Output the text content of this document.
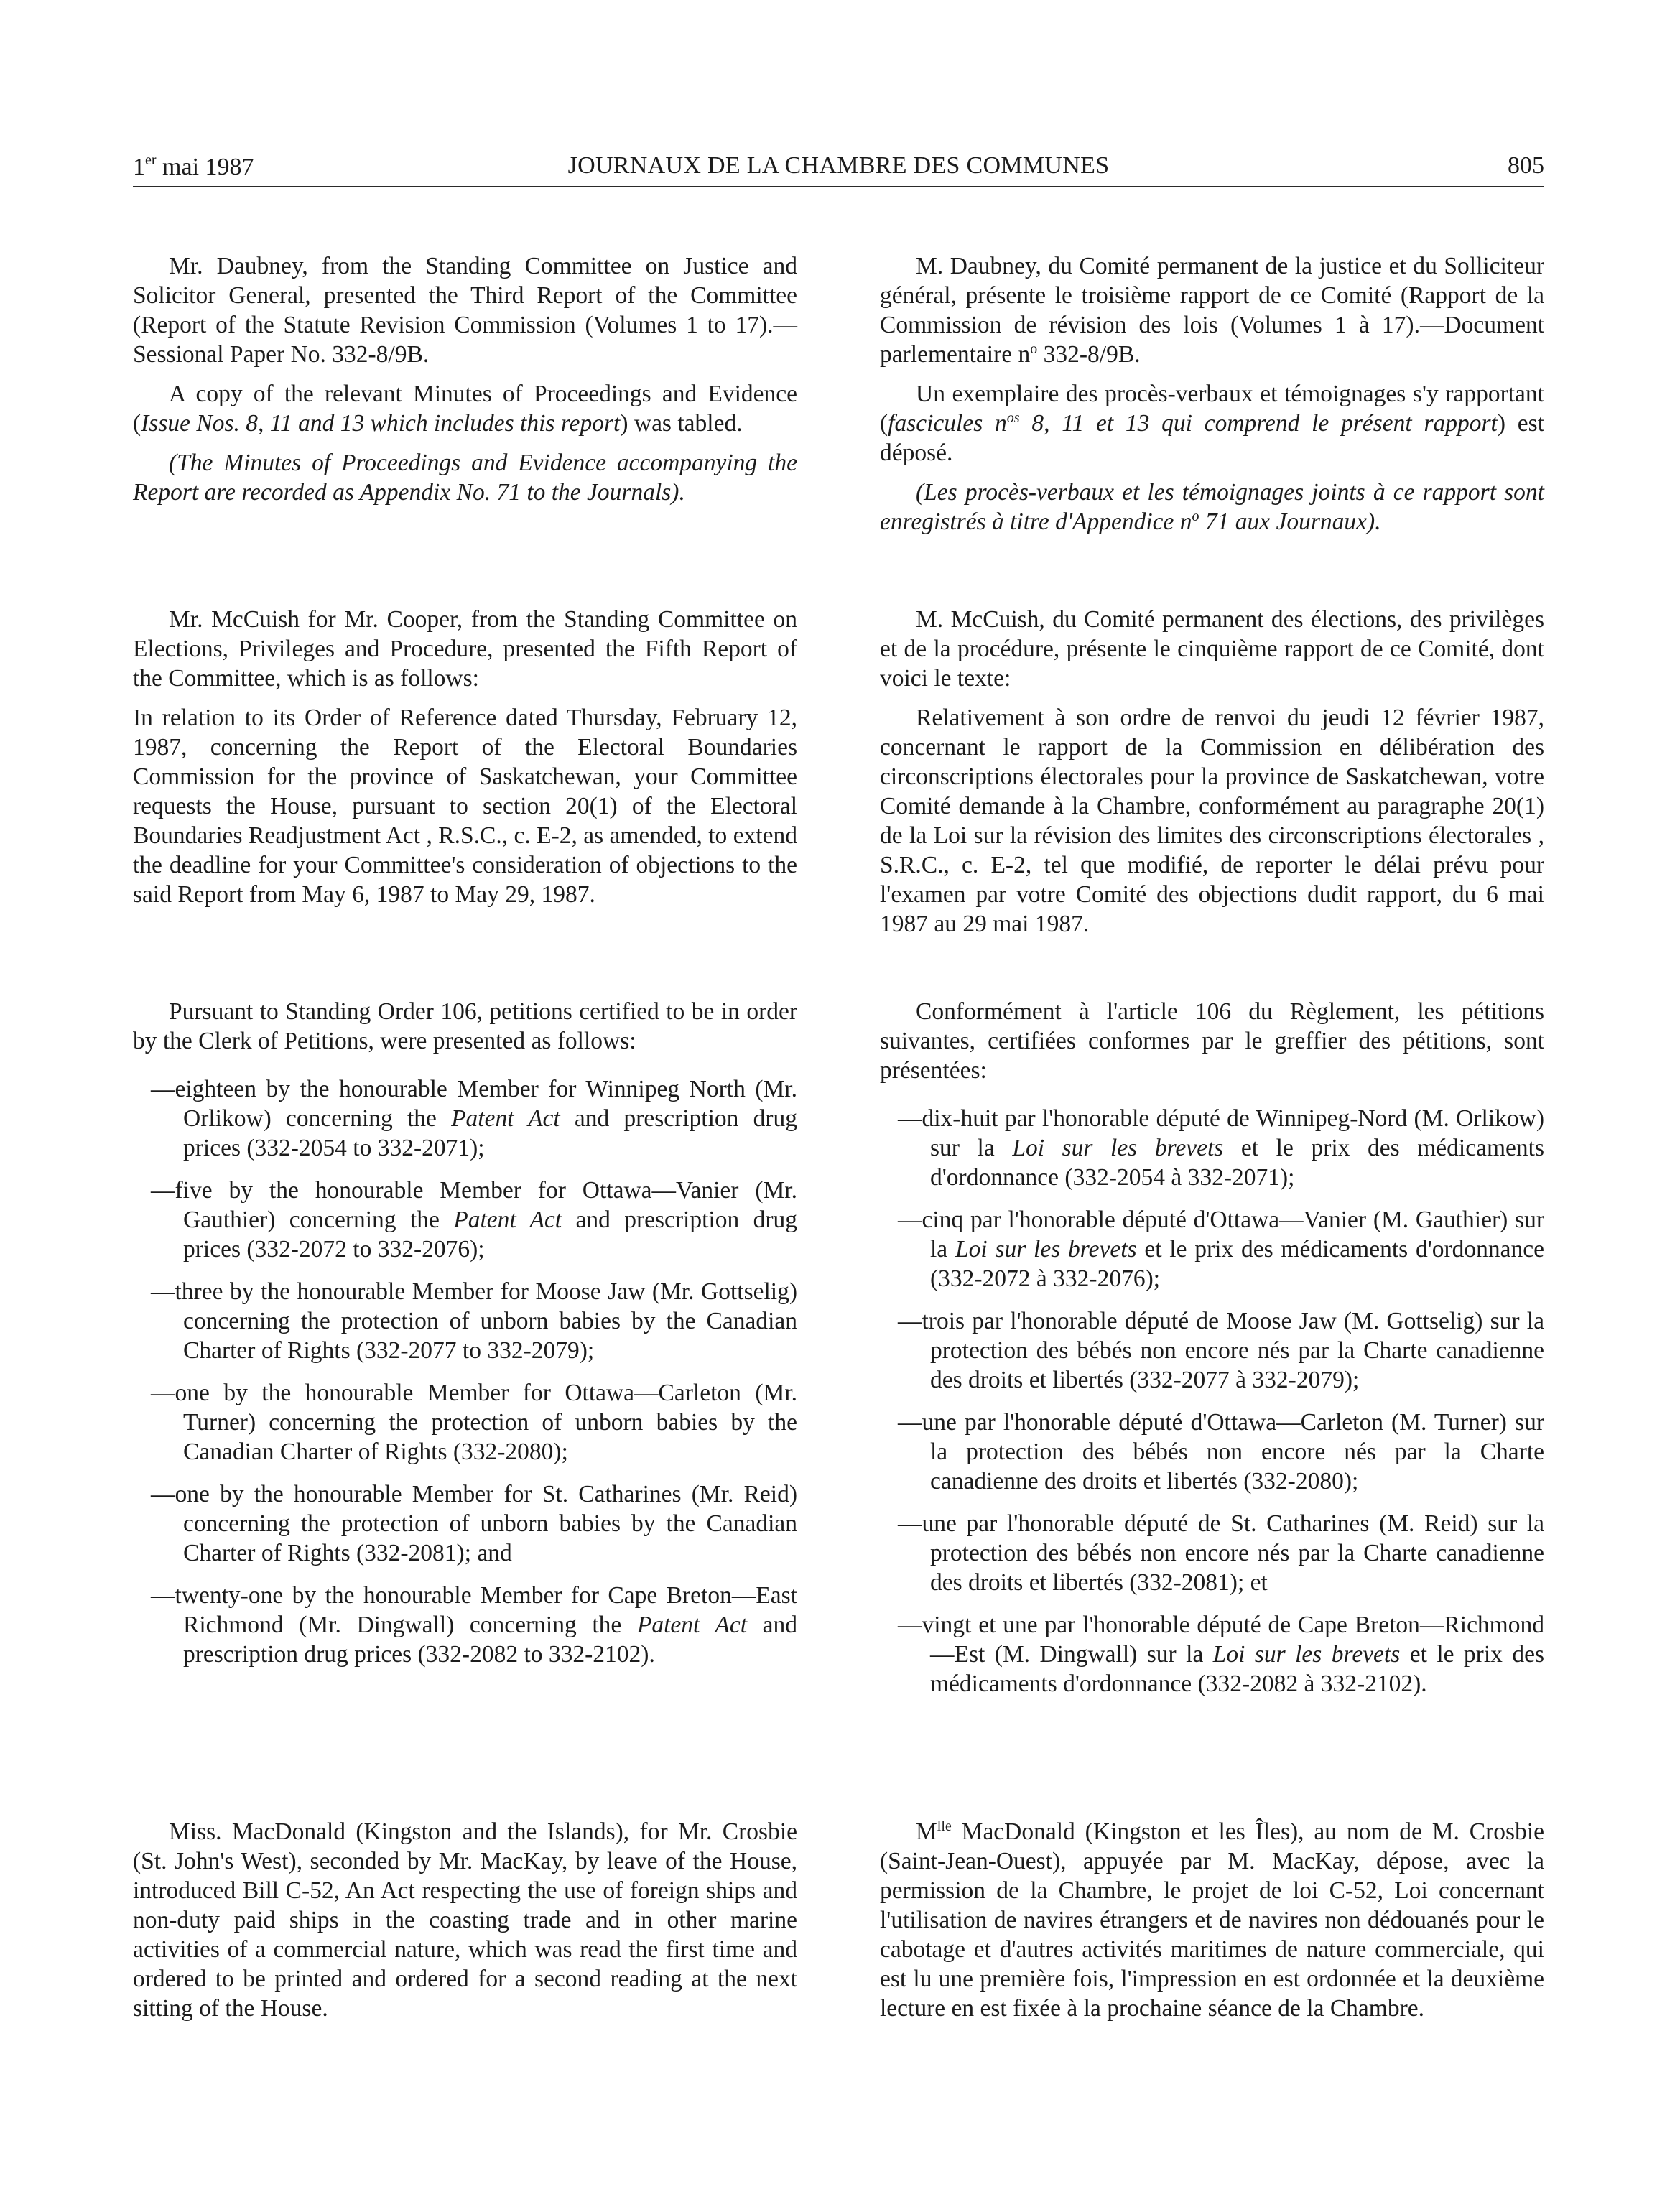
1er mai 1987	JOURNAUX DE LA CHAMBRE DES COMMUNES	805

Mr. Daubney, from the Standing Committee on Justice and Solicitor General, presented the Third Report of the Committee (Report of the Statute Revision Commission (Volumes 1 to 17).—Sessional Paper No. 332-8/9B.

A copy of the relevant Minutes of Proceedings and Evidence (Issue Nos. 8, 11 and 13 which includes this report) was tabled.

(The Minutes of Proceedings and Evidence accompanying the Report are recorded as Appendix No. 71 to the Journals).

Mr. McCuish for Mr. Cooper, from the Standing Committee on Elections, Privileges and Procedure, presented the Fifth Report of the Committee, which is as follows:

In relation to its Order of Reference dated Thursday, February 12, 1987, concerning the Report of the Electoral Boundaries Commission for the province of Saskatchewan, your Committee requests the House, pursuant to section 20(1) of the Electoral Boundaries Readjustment Act , R.S.C., c. E-2, as amended, to extend the deadline for your Committee's consideration of objections to the said Report from May 6, 1987 to May 29, 1987.

Pursuant to Standing Order 106, petitions certified to be in order by the Clerk of Petitions, were presented as follows:

—eighteen by the honourable Member for Winnipeg North (Mr. Orlikow) concerning the Patent Act and prescription drug prices (332-2054 to 332-2071);

—five by the honourable Member for Ottawa—Vanier (Mr. Gauthier) concerning the Patent Act and prescription drug prices (332-2072 to 332-2076);

—three by the honourable Member for Moose Jaw (Mr. Gottselig) concerning the protection of unborn babies by the Canadian Charter of Rights (332-2077 to 332-2079);

—one by the honourable Member for Ottawa—Carleton (Mr. Turner) concerning the protection of unborn babies by the Canadian Charter of Rights (332-2080);

—one by the honourable Member for St. Catharines (Mr. Reid) concerning the protection of unborn babies by the Canadian Charter of Rights (332-2081); and

—twenty-one by the honourable Member for Cape Breton—East Richmond (Mr. Dingwall) concerning the Patent Act and prescription drug prices (332-2082 to 332-2102).

Miss. MacDonald (Kingston and the Islands), for Mr. Crosbie (St. John's West), seconded by Mr. MacKay, by leave of the House, introduced Bill C-52, An Act respecting the use of foreign ships and non-duty paid ships in the coasting trade and in other marine activities of a commercial nature, which was read the first time and ordered to be printed and ordered for a second reading at the next sitting of the House.

M. Daubney, du Comité permanent de la justice et du Solliciteur général, présente le troisième rapport de ce Comité (Rapport de la Commission de révision des lois (Volumes 1 à 17).—Document parlementaire $n^o$ 332-8/9B.

Un exemplaire des procès-verbaux et témoignages s'y rapportant (fascicules $n^{os}$ 8, 11 et 13 qui comprend le présent rapport) est déposé.

(Les procès-verbaux et les témoignages joints à ce rapport sont enregistrés à titre d'Appendice $n^o$ 71 aux Journaux).

M. McCuish, du Comité permanent des élections, des privilèges et de la procédure, présente le cinquième rapport de ce Comité, dont voici le texte:

Relativement à son ordre de renvoi du jeudi 12 février 1987, concernant le rapport de la Commission en délibération des circonscriptions électorales pour la province de Saskatchewan, votre Comité demande à la Chambre, conformément au paragraphe 20(1) de la Loi sur la révision des limites des circonscriptions électorales , S.R.C., c. E-2, tel que modifié, de reporter le délai prévu pour l'examen par votre Comité des objections dudit rapport, du 6 mai 1987 au 29 mai 1987.

Conformément à l'article 106 du Règlement, les pétitions suivantes, certifiées conformes par le greffier des pétitions, sont présentées:

—dix-huit par l'honorable député de Winnipeg-Nord (M. Orlikow) sur la Loi sur les brevets et le prix des médicaments d'ordonnance (332-2054 à 332-2071);

—cinq par l'honorable député d'Ottawa—Vanier (M. Gauthier) sur la Loi sur les brevets et le prix des médicaments d'ordonnance (332-2072 à 332-2076);

—trois par l'honorable député de Moose Jaw (M. Gottselig) sur la protection des bébés non encore nés par la Charte canadienne des droits et libertés (332-2077 à 332-2079);

—une par l'honorable député d'Ottawa—Carleton (M. Turner) sur la protection des bébés non encore nés par la Charte canadienne des droits et libertés (332-2080);

—une par l'honorable député de St. Catharines (M. Reid) sur la protection des bébés non encore nés par la Charte canadienne des droits et libertés (332-2081); et

—vingt et une par l'honorable député de Cape Breton—Richmond—Est (M. Dingwall) sur la Loi sur les brevets et le prix des médicaments d'ordonnance (332-2082 à 332-2102).

$M^{lle}$ MacDonald (Kingston et les Îles), au nom de M. Crosbie (Saint-Jean-Ouest), appuyée par M. MacKay, dépose, avec la permission de la Chambre, le projet de loi C-52, Loi concernant l'utilisation de navires étrangers et de navires non dédouanés pour le cabotage et d'autres activités maritimes de nature commerciale, qui est lu une première fois, l'impression en est ordonnée et la deuxième lecture en est fixée à la prochaine séance de la Chambre.
